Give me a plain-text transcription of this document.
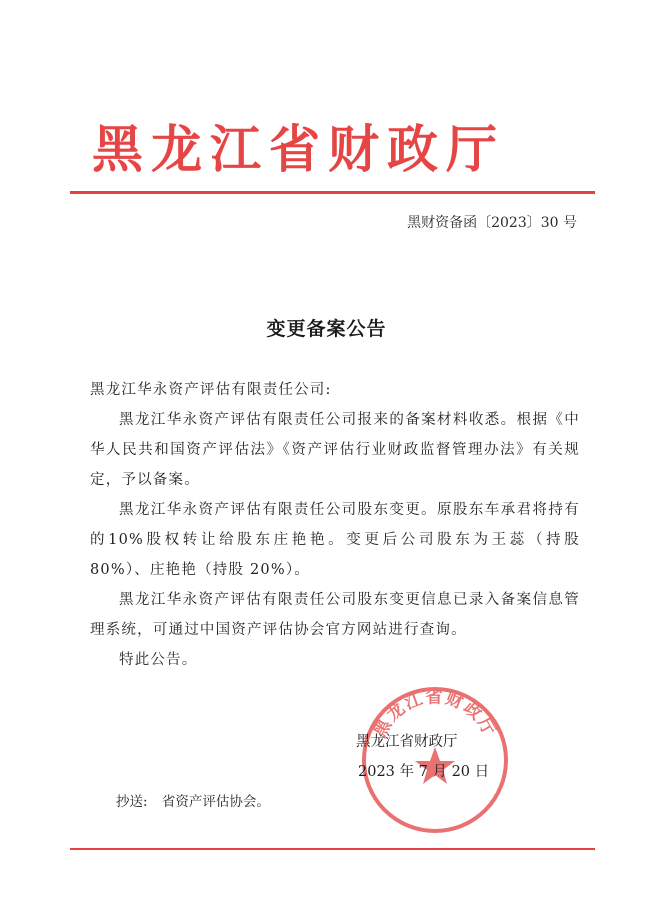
黑龙江省财政厅
黑财资备函〔2023〕30 号
变更备案公告

黑龙江华永资产评估有限责任公司:

黑龙江华永资产评估有限责任公司报来的备案材料收悉。根据《中华人民共和国资产评估法》《资产评估行业财政监督管理办法》有关规定，予以备案。

黑龙江华永资产评估有限责任公司股东变更。原股东车承君将持有的10%股权转让给股东庄艳艳。变更后公司股东为王蕊（持股 80%）、庄艳艳（持股 20%）。

黑龙江华永资产评估有限责任公司股东变更信息已录入备案信息管理系统，可通过中国资产评估协会官方网站进行查询。

特此公告。

黑龙江省财政厅
黑龙江省财政厅
2023 年 7 月 20 日
抄送: 省资产评估协会。
